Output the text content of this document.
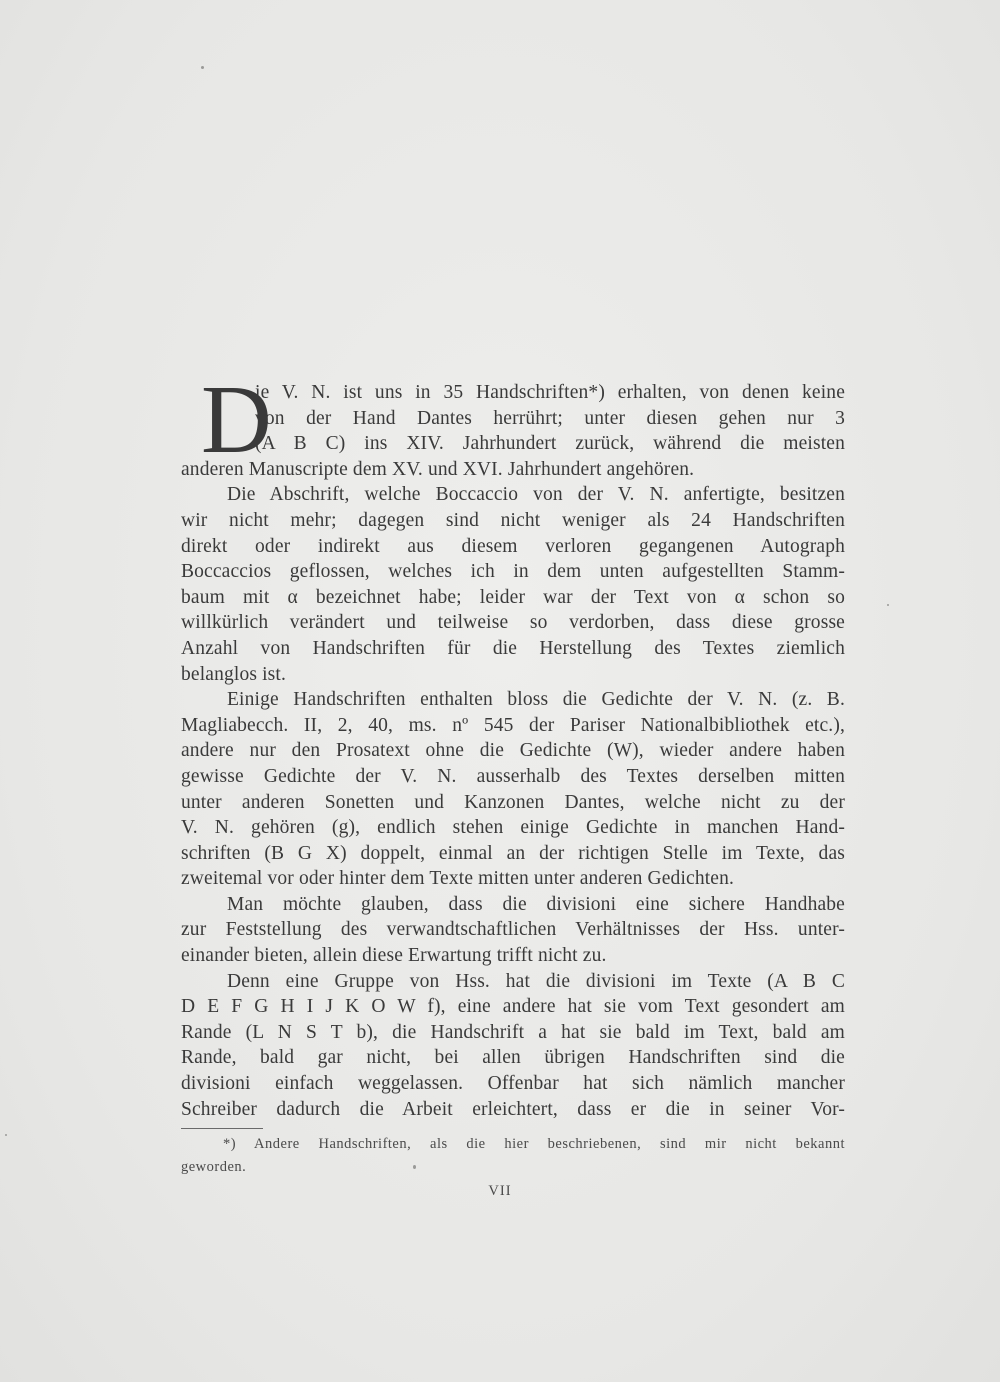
D
ie V. N. ist uns in 35 Handschriften*) erhalten, von denen keine
von der Hand Dantes herrührt; unter diesen gehen nur 3
(A B C) ins XIV. Jahrhundert zurück, während die meisten
anderen Manuscripte dem XV. und XVI. Jahrhundert angehören.
Die Abschrift, welche Boccaccio von der V. N. anfertigte, besitzen
wir nicht mehr; dagegen sind nicht weniger als 24 Handschriften
direkt oder indirekt aus diesem verloren gegangenen Autograph
Boccaccios geflossen, welches ich in dem unten aufgestellten Stamm-
baum mit α bezeichnet habe; leider war der Text von α schon so
willkürlich verändert und teilweise so verdorben, dass diese grosse
Anzahl von Handschriften für die Herstellung des Textes ziemlich
belanglos ist.
Einige Handschriften enthalten bloss die Gedichte der V. N. (z. B.
Magliabecch. II, 2, 40, ms. nº 545 der Pariser Nationalbibliothek etc.),
andere nur den Prosatext ohne die Gedichte (W), wieder andere haben
gewisse Gedichte der V. N. ausserhalb des Textes derselben mitten
unter anderen Sonetten und Kanzonen Dantes, welche nicht zu der
V. N. gehören (g), endlich stehen einige Gedichte in manchen Hand-
schriften (B G X) doppelt, einmal an der richtigen Stelle im Texte, das
zweitemal vor oder hinter dem Texte mitten unter anderen Gedichten.
Man möchte glauben, dass die divisioni eine sichere Handhabe
zur Feststellung des verwandtschaftlichen Verhältnisses der Hss. unter-
einander bieten, allein diese Erwartung trifft nicht zu.
Denn eine Gruppe von Hss. hat die divisioni im Texte (A B C
D E F G H I J K O W f), eine andere hat sie vom Text gesondert am
Rande (L N S T b), die Handschrift a hat sie bald im Text, bald am
Rande, bald gar nicht, bei allen übrigen Handschriften sind die
divisioni einfach weggelassen. Offenbar hat sich nämlich mancher
Schreiber dadurch die Arbeit erleichtert, dass er die in seiner Vor-
*) Andere Handschriften, als die hier beschriebenen, sind mir nicht bekannt
geworden.
VII
